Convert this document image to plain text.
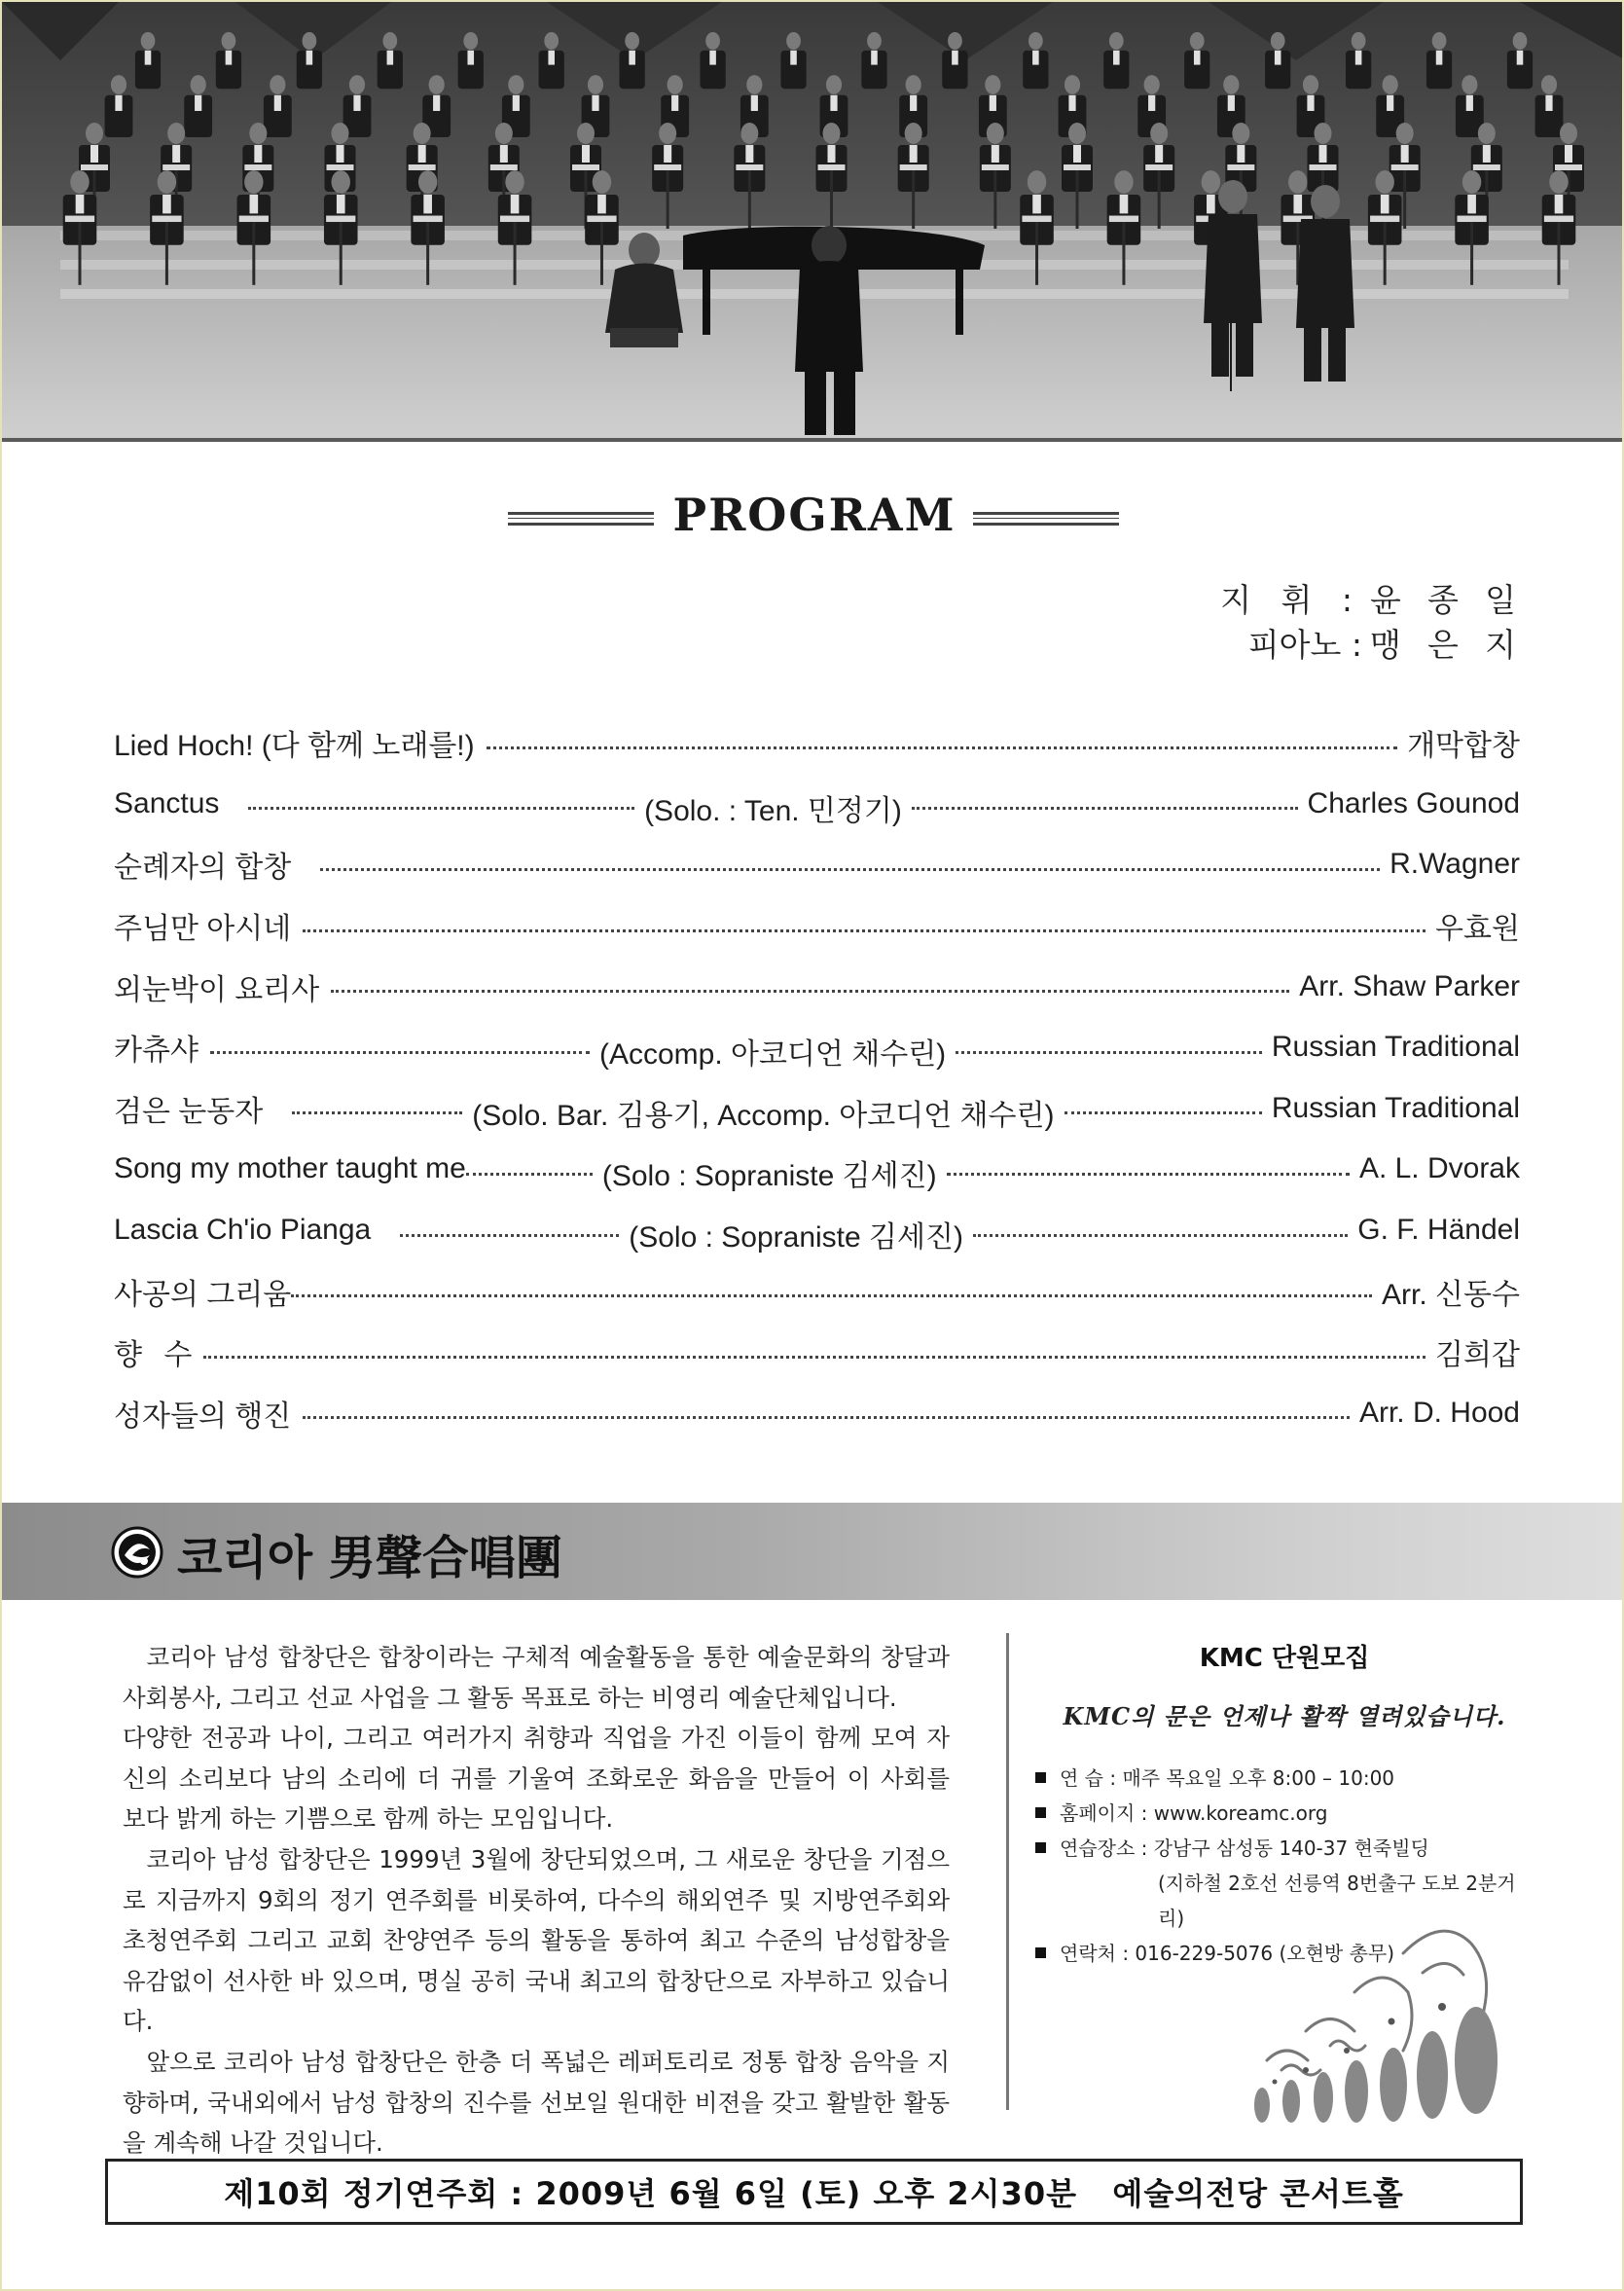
PROGRAM
지 휘 : 윤 종 일
피아노 : 맹 은 지
Lied Hoch! (다 함께 노래를!)	개막합창
Sanctus	(Solo. : Ten. 민정기)	Charles Gounod
순례자의 합창	R.Wagner
주님만 아시네	우효원
외눈박이 요리사	Arr. Shaw Parker
카츄샤	(Accomp. 아코디언 채수린)	Russian Traditional
검은 눈동자	(Solo. Bar. 김용기, Accomp. 아코디언 채수린)	Russian Traditional
Song my mother taught me	(Solo : Sopraniste 김세진)	A. L. Dvorak
Lascia Ch'io Pianga	(Solo : Sopraniste 김세진)	G. F. Händel
사공의 그리움	Arr. 신동수
향 수	김희갑
성자들의 행진	Arr. D. Hood
코리아 男聲合唱團

코리아 남성 합창단은 합창이라는 구체적 예술활동을 통한 예술문화의 창달과 사회봉사, 그리고 선교 사업을 그 활동 목표로 하는 비영리 예술단체입니다.

다양한 전공과 나이, 그리고 여러가지 취향과 직업을 가진 이들이 함께 모여 자신의 소리보다 남의 소리에 더 귀를 기울여 조화로운 화음을 만들어 이 사회를 보다 밝게 하는 기쁨으로 함께 하는 모임입니다.

코리아 남성 합창단은 1999년 3월에 창단되었으며, 그 새로운 창단을 기점으로 지금까지 9회의 정기 연주회를 비롯하여, 다수의 해외연주 및 지방연주회와 초청연주회 그리고 교회 찬양연주 등의 활동을 통하여 최고 수준의 남성합창을 유감없이 선사한 바 있으며, 명실 공히 국내 최고의 합창단으로 자부하고 있습니다.

앞으로 코리아 남성 합창단은 한층 더 폭넓은 레퍼토리로 정통 합창 음악을 지향하며, 국내외에서 남성 합창의 진수를 선보일 원대한 비젼을 갖고 활발한 활동을 계속해 나갈 것입니다.

KMC 단원모집
KMC의 문은 언제나 활짝 열려있습니다.
연 습 : 매주 목요일 오후 8:00 – 10:00
홈페이지 : www.koreamc.org
연습장소 : 강남구 삼성동 140-37 현죽빌딩
(지하철 2호선 선릉역 8번출구 도보 2분거리)
연락처 : 016-229-5076 (오현방 총무)
제10회 정기연주회 : 2009년 6월 6일 (토) 오후 2시30분   예술의전당 콘서트홀
